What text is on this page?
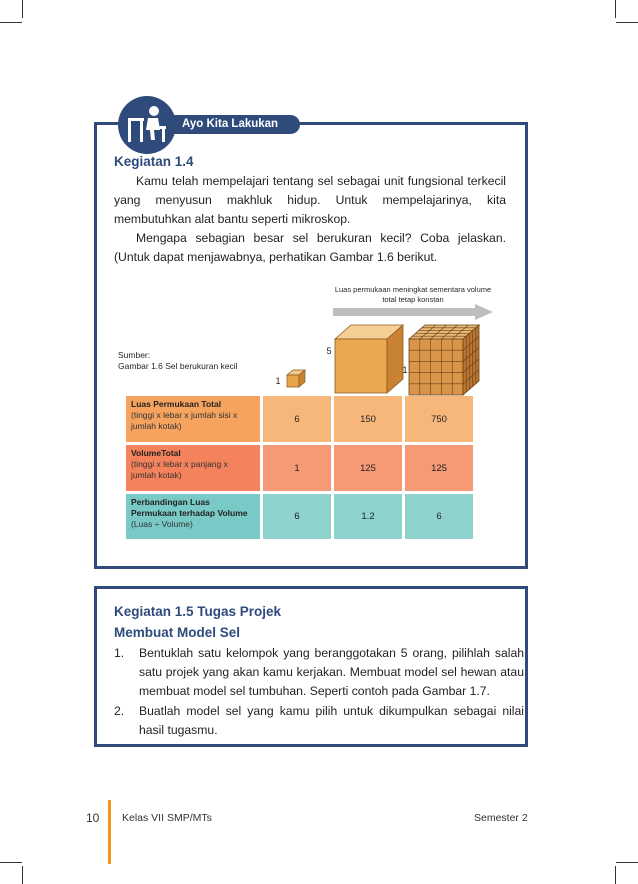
Ayo Kita Lakukan
Kegiatan 1.4
Kamu telah mempelajari tentang sel sebagai unit fungsional terkecil yang menyusun makhluk hidup. Untuk mempelajarinya, kita membutuhkan alat bantu seperti mikroskop.
Mengapa sebagian besar sel berukuran kecil? Coba jelaskan. (Untuk dapat menjawabnya, perhatikan Gambar 1.6 berikut.
Luas permukaan meningkat sementara volume total tetap konstan
1
5
1
Sumber:
Gambar 1.6 Sel berukuran kecil
Luas Permukaan Total
(tinggi x lebar x jumlah sisi x jumlah kotak)
6	150	750
VolumeTotal
(tinggi x lebar x panjang x jumlah kotak)
1	125	125
Perbandingan Luas Permukaan terhadap Volume
(Luas ÷ Volume)
6	1.2	6
Kegiatan 1.5 Tugas Projek
Membuat Model Sel
1. Bentuklah satu kelompok yang beranggotakan 5 orang, pilihlah salah satu projek yang akan kamu kerjakan. Membuat model sel hewan atau membuat model sel tumbuhan. Seperti contoh pada Gambar 1.7.
2. Buatlah model sel yang kamu pilih untuk dikumpulkan sebagai nilai hasil tugasmu.
10 Kelas VII SMP/MTs	Semester 2
